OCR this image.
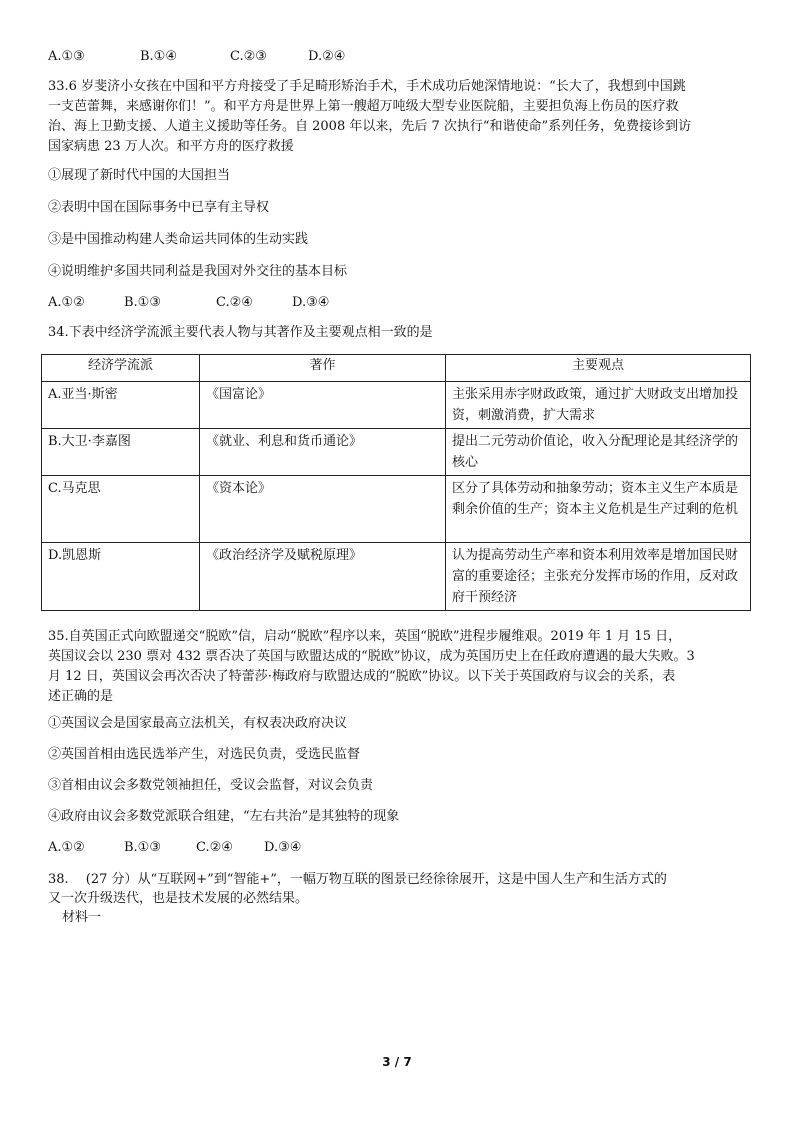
A.①③	B.①④	C.②③	D.②④
33.6 岁斐济小女孩在中国和平方舟接受了手足畸形矫治手术，手术成功后她深情地说：“长大了，我想到中国跳
一支芭蕾舞，来感谢你们！”。和平方舟是世界上第一艘超万吨级大型专业医院船，主要担负海上伤员的医疗救
治、海上卫勤支援、人道主义援助等任务。自 2008 年以来，先后 7 次执行“和谐使命”系列任务，免费接诊到访
国家病患 23 万人次。和平方舟的医疗救援
①展现了新时代中国的大国担当
②表明中国在国际事务中已享有主导权
③是中国推动构建人类命运共同体的生动实践
④说明维护多国共同利益是我国对外交往的基本目标
A.①②	B.①③	C.②④	D.③④
34.下表中经济学流派主要代表人物与其著作及主要观点相一致的是
经济学流派	著作	主要观点
A.亚当·斯密	《国富论》	主张采用赤字财政政策，通过扩大财政支出增加投资，刺激消费，扩大需求
B.大卫·李嘉图	《就业、利息和货币通论》	提出二元劳动价值论，收入分配理论是其经济学的核心
C.马克思	《资本论》	区分了具体劳动和抽象劳动；资本主义生产本质是剩余价值的生产；资本主义危机是生产过剩的危机
D.凯恩斯	《政治经济学及赋税原理》	认为提高劳动生产率和资本利用效率是增加国民财富的重要途径；主张充分发挥市场的作用，反对政府干预经济
35.自英国正式向欧盟递交“脱欧”信，启动“脱欧”程序以来，英国“脱欧”进程步履维艰。2019 年 1 月 15 日，
英国议会以 230 票对 432 票否决了英国与欧盟达成的“脱欧”协议，成为英国历史上在任政府遭遇的最大失败。3
月 12 日，英国议会再次否决了特蕾莎·梅政府与欧盟达成的“脱欧”协议。以下关于英国政府与议会的关系，表
述正确的是
①英国议会是国家最高立法机关，有权表决政府决议
②英国首相由选民选举产生，对选民负责，受选民监督
③首相由议会多数党领袖担任，受议会监督，对议会负责
④政府由议会多数党派联合组建，“左右共治”是其独特的现象
A.①②	B.①③	C.②④ D.③④
38.　 (27 分）从“互联网+”到“智能+”，一幅万物互联的图景已经徐徐展开，这是中国人生产和生活方式的
又一次升级迭代，也是技术发展的必然结果。
材料一
3 / 7
